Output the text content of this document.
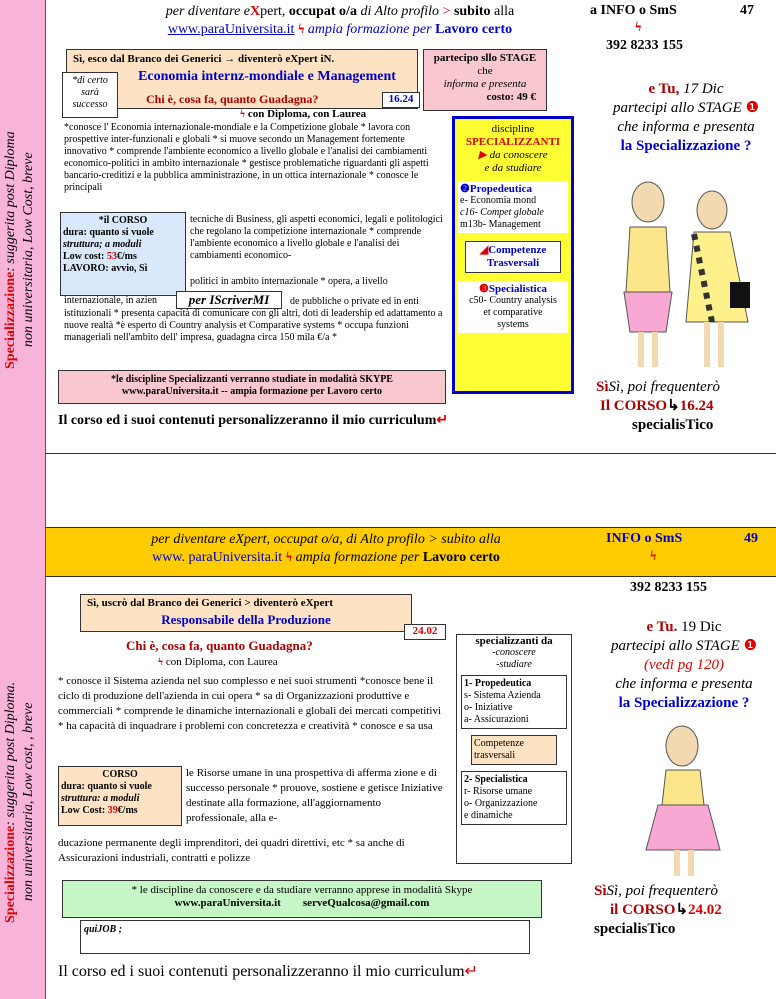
Specializzazione: suggerita post Diploma non universitaria, Low Cost, breve
per diventare eXpert, occupat o/a di Alto profilo > subito alla
www.paraUniversita.it ϟ ampia formazione per Lavoro certo
a INFO o SmS	47
ϟ
392 8233 155
Sì, esco dal Branco dei Generici → diventerò eXpert iN.
Economia internz-mondiale e Management
*di certo sarà successo	Chi è, cosa fa, quanto Guadagna?
ϟ con Diploma, con Laurea
16.24
partecipo sllo STAGE
che
informa e presenta
costo: 49 €
*conosce l' Economia internazionale-mondiale e la Competizione globale * lavora con prospettive inter-funzionali e globali * si muove secondo un Management fortemente innovativo * comprende l'ambiente economico a livello globale e l'analisi dei cambiamenti economico-politici in ambito internazionale * gestisce problematiche riguardanti gli aspetti bancario-creditizi e la pubblica amministrazione, in un ottica internazionale * conosce le principali
*il CORSO
dura: quanto si vuole
struttura; a moduli
Low cost: 53€/ms
LAVORO: avvio, Sì
tecniche di Business, gli aspetti economici, legali e politologici che regolano la competizione internazionale * comprende l'ambiente economico a livello globale e l'analisi dei cambiamenti economico-
politici in ambito internazionale * opera, a livello
internazionale, in azien	per IScriverMI	de pubbliche o private ed in enti istituzionali * presenta capacità di comunicare con gli altri, doti di leadership ed adattamento a nuove realtà *è esperto di Country analysis et Comparative systems * occupa funzioni manageriali nell'ambito dell' impresa, guadagna circa 150 mila €/a *
discipline
SPECIALIZZANTI
▶ da conoscere
e da studiare
❷Propedeutica
e- Economia mond
c16- Compet globale
m13b- Management
◢Competenze Trasversali
❸Specialistica
c50- Country analysis
et comparative
systems
*le discipline Specializzanti verranno studiate in modalità SKYPE
www.paraUniversita.it -- ampia formazione per Lavoro certo
Il corso ed i suoi contenuti personalizzeranno il mio curriculum↵
e Tu, 17 Dic
partecipi allo STAGE ❶
che informa e presenta
la Specializzazione ?
SìSì, poi frequenterò
Il CORSO↳16.24
specialisTico
per diventare eXpert, occupat o/a, di Alto profilo > subito alla
www. paraUniversita.it ϟ ampia formazione per Lavoro certo
INFO o SmS	49
ϟ
Specializzazione: suggerita post Diploma. non universitaria, Low cost, , breve
392 8233 155
Sì, uscrò dal Branco dei Generici > diventerò eXpert
Responsabile della Produzione
24.02
Chi è, cosa fa, quanto Guadagna?
ϟ con Diploma, con Laurea
* conosce il Sistema azienda nel suo complesso e nei suoi strumenti *conosce bene il ciclo di produzione dell'azienda in cui opera * sa di Organizzazioni produttive e commerciali * comprende le dinamiche internazionali e globali dei mercati competitivi * ha capacità di inquadrare i problemi con concretezza e creatività * conosce e sa usa
CORSO
dura: quanto si vuole
struttura: a moduli
Low Cost: 39€/ms
le Risorse umane in una prospettiva di afferma zione e di successo personale * prouove, sostiene e getisce Iniziative destinate alla formazione, all'aggiornamento professionale, alla e-
ducazione permanente degli imprenditori, dei quadri direttivi, etc * sa anche di Assicurazioni industriali, contratti e polizze
specializzanti da
-conoscere
-studiare
1- Propedeutica
s- Sistema Azienda
o- Iniziative
a- Assicurazioni
Competenze trasversali
2- Specialistica
r- Risorse umane
o- Organizzazione
e dinamiche
* le discipline da conoscere e da studiare verranno apprese in modalità Skype
www.paraUniversita.it serveQualcosa@gmail.com
quiJOB ;
Il corso ed i suoi contenuti personalizzeranno il mio curriculum↵
e Tu. 19 Dic
partecipi allo STAGE ❶
(vedi pg 120)
che informa e presenta
la Specializzazione ?
SìSì, poi frequenterò
il CORSO↳24.02
specialisTico
